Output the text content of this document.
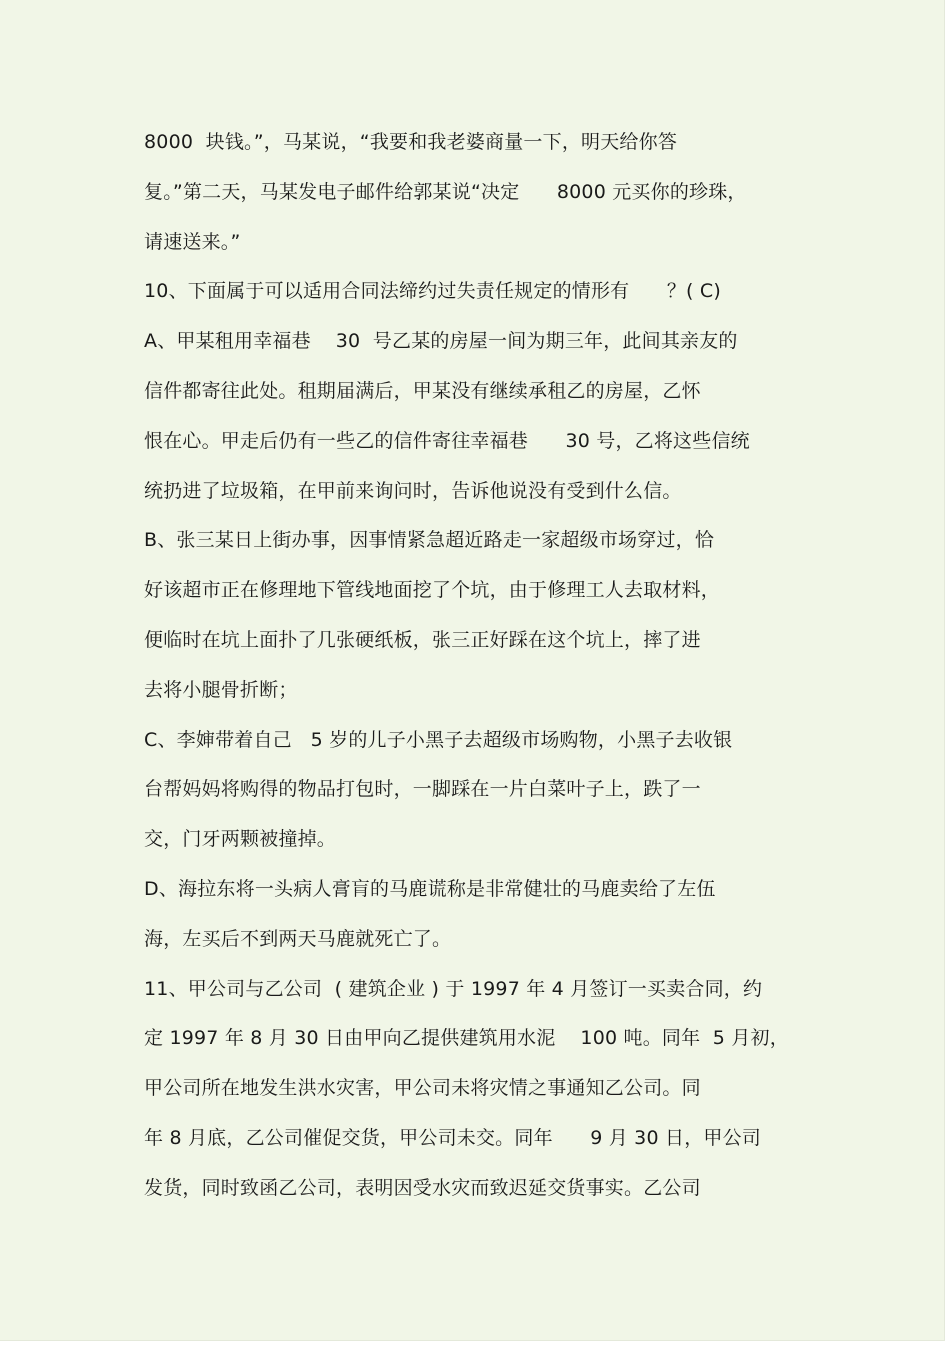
8000  块钱。”，马某说，“我要和我老婆商量一下，明天给你答
复。”第二天，马某发电子邮件给郭某说“决定      8000 元买你的珍珠，
请速送来。”
10、下面属于可以适用合同法缔约过失责任规定的情形有      ？( C)
A、甲某租用幸福巷    30  号乙某的房屋一间为期三年，此间其亲友的
信件都寄往此处。租期届满后，甲某没有继续承租乙的房屋，乙怀
恨在心。甲走后仍有一些乙的信件寄往幸福巷      30 号，乙将这些信统
统扔进了垃圾箱，在甲前来询问时，告诉他说没有受到什么信。
B、张三某日上街办事，因事情紧急超近路走一家超级市场穿过，恰
好该超市正在修理地下管线地面挖了个坑，由于修理工人去取材料，
便临时在坑上面扑了几张硬纸板，张三正好踩在这个坑上，摔了进
去将小腿骨折断；
C、李婶带着自己   5 岁的儿子小黑子去超级市场购物，小黑子去收银
台帮妈妈将购得的物品打包时，一脚踩在一片白菜叶子上，跌了一
交，门牙两颗被撞掉。
D、海拉东将一头病人膏肓的马鹿谎称是非常健壮的马鹿卖给了左伍
海，左买后不到两天马鹿就死亡了。
11、甲公司与乙公司  ( 建筑企业 ) 于 1997 年 4 月签订一买卖合同，约
定 1997 年 8 月 30 日由甲向乙提供建筑用水泥    100 吨。同年  5 月初，
甲公司所在地发生洪水灾害，甲公司未将灾情之事通知乙公司。同
年 8 月底，乙公司催促交货，甲公司未交。同年      9 月 30 日，甲公司
发货，同时致函乙公司，表明因受水灾而致迟延交货事实。乙公司
